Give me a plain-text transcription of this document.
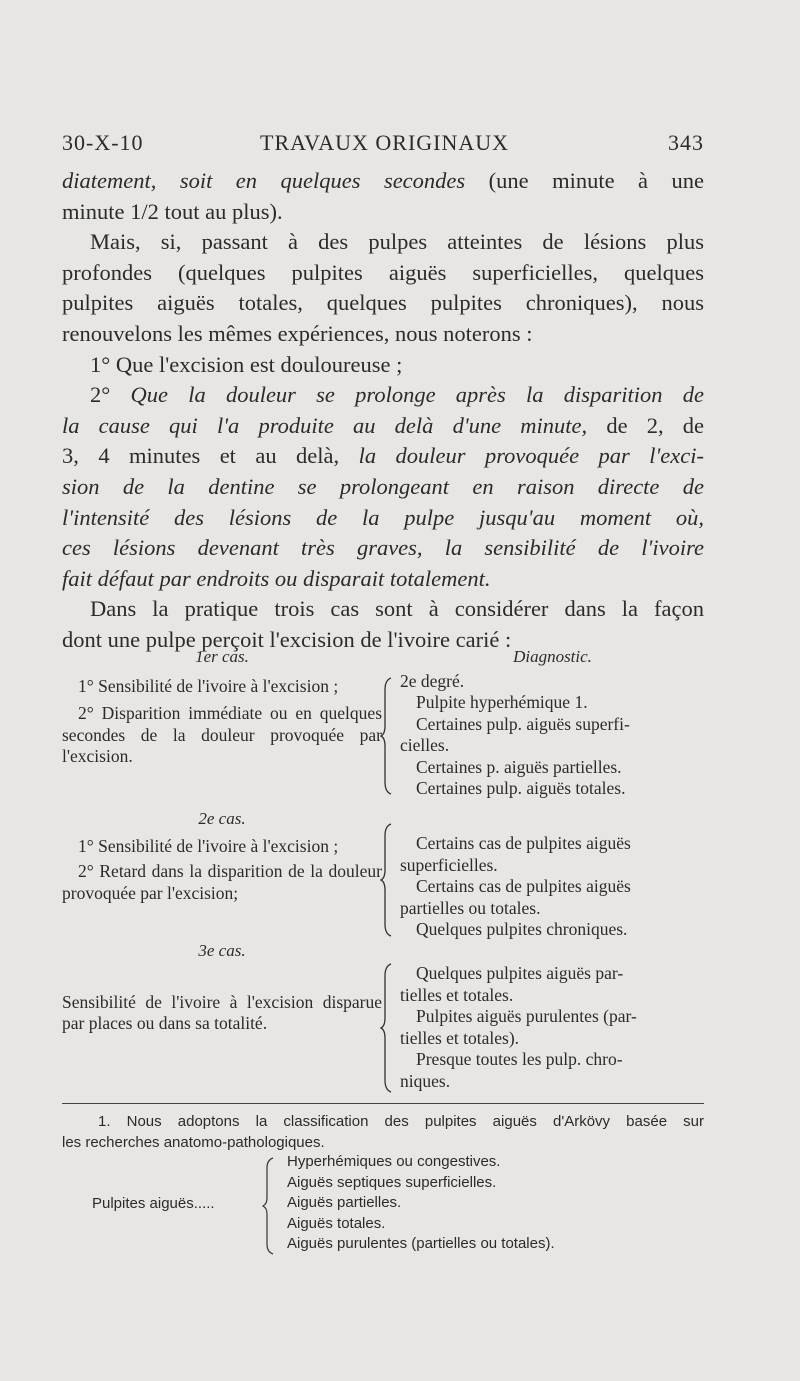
30-X-10	TRAVAUX ORIGINAUX	343
diatement, soit en quelques secondes (une minute à une
minute 1/2 tout au plus).
Mais, si, passant à des pulpes atteintes de lésions plus
profondes (quelques pulpites aiguës superficielles, quelques
pulpites aiguës totales, quelques pulpites chroniques), nous
renouvelons les mêmes expériences, nous noterons :
1° Que l'excision est douloureuse ;
2° Que la douleur se prolonge après la disparition de
la cause qui l'a produite au delà d'une minute, de 2, de
3, 4 minutes et au delà, la douleur provoquée par l'exci-
sion de la dentine se prolongeant en raison directe de
l'intensité des lésions de la pulpe jusqu'au moment où,
ces lésions devenant très graves, la sensibilité de l'ivoire
fait défaut par endroits ou disparait totalement.
Dans la pratique trois cas sont à considérer dans la façon
dont une pulpe perçoit l'excision de l'ivoire carié :
1er cas.
1° Sensibilité de l'ivoire à l'excision ;
2° Disparition immédiate ou en quelques secondes de la douleur provoquée par l'excision.
Diagnostic.
2e degré.
Pulpite hyperhémique 1.
Certaines pulp. aiguës superfi-
cielles.
Certaines p. aiguës partielles.
Certaines pulp. aiguës totales.
2e cas.
1° Sensibilité de l'ivoire à l'excision ;
2° Retard dans la disparition de la douleur provoquée par l'excision;
Certains cas de pulpites aiguës
superficielles.
Certains cas de pulpites aiguës
partielles ou totales.
Quelques pulpites chroniques.
3e cas.
Sensibilité de l'ivoire à l'excision disparue par places ou dans sa totalité.
Quelques pulpites aiguës par-
tielles et totales.
Pulpites aiguës purulentes (par-
tielles et totales).
Presque toutes les pulp. chro-
niques.
1. Nous adoptons la classification des pulpites aiguës d'Arkövy basée sur
les recherches anatomo-pathologiques.
Pulpites aiguës.....
Hyperhémiques ou congestives.
Aiguës septiques superficielles.
Aiguës partielles.
Aiguës totales.
Aiguës purulentes (partielles ou totales).
